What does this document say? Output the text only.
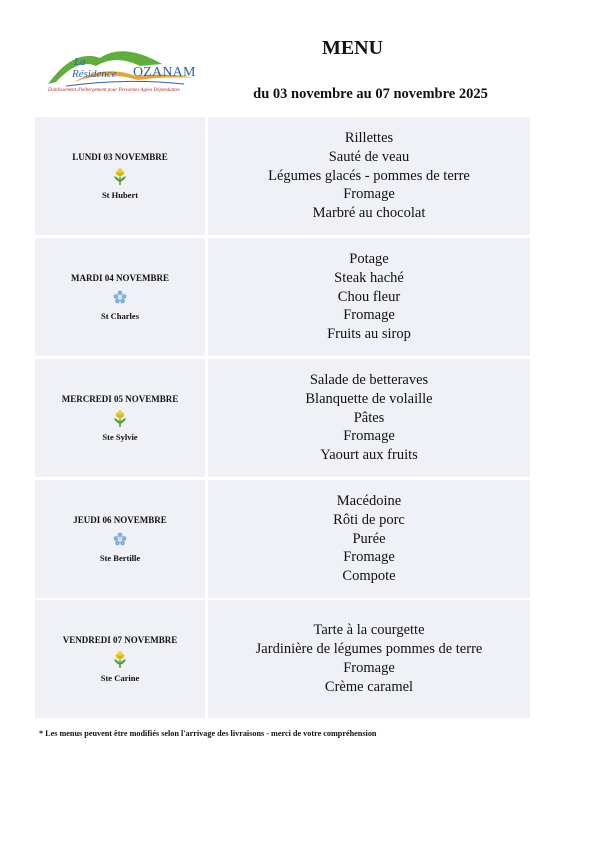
La
Résidence OZANAM
Etablissement d'hébergement pour Personnes Agées Dépendantes
MENU
du 03 novembre au 07 novembre 2025
LUNDI 03 NOVEMBRE
St Hubert
Rillettes
Sauté de veau
Légumes glacés - pommes de terre
Fromage
Marbré au chocolat
MARDI 04 NOVEMBRE
St Charles
Potage
Steak haché
Chou fleur
Fromage
Fruits au sirop
MERCREDI 05 NOVEMBRE
Ste Sylvie
Salade de betteraves
Blanquette de volaille
Pâtes
Fromage
Yaourt aux fruits
JEUDI 06 NOVEMBRE
Ste Bertille
Macédoine
Rôti de porc
Purée
Fromage
Compote
VENDREDI 07 NOVEMBRE
Ste Carine
Tarte à la courgette
Jardinière de légumes pommes de terre
Fromage
Crème caramel
* Les menus peuvent être modifiés selon l'arrivage des livraisons - merci de votre compréhension
